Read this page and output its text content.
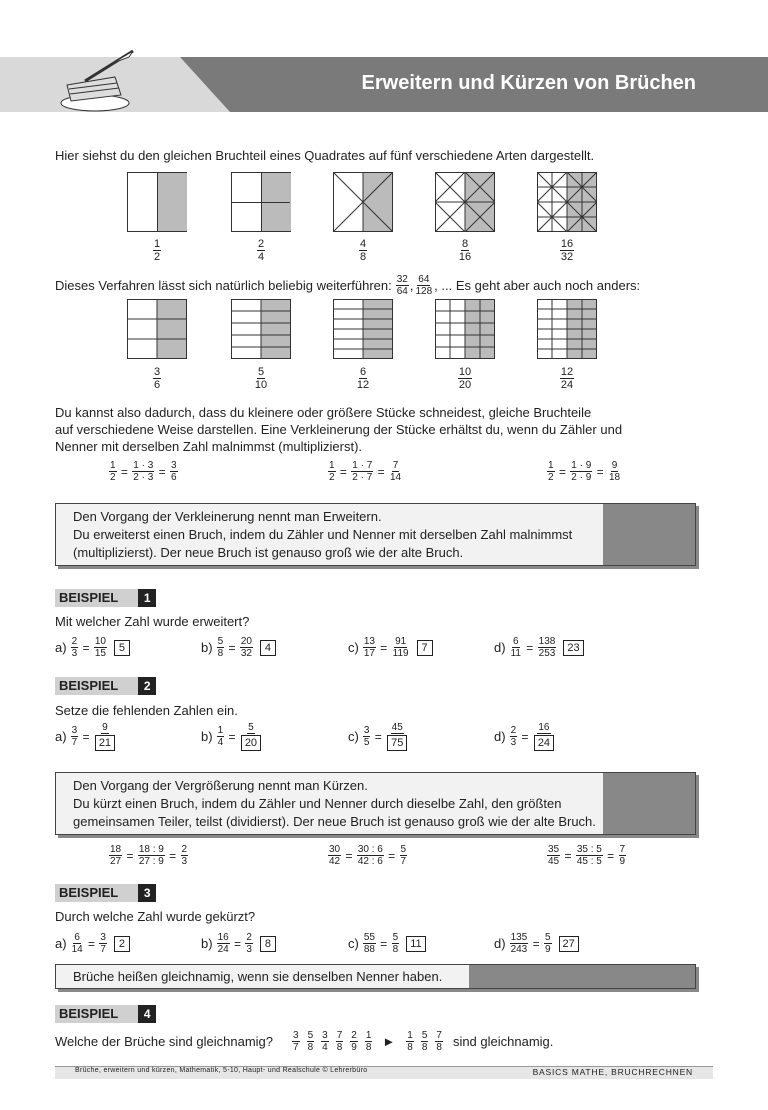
Erweitern und Kürzen von Brüchen
Hier siehst du den gleichen Bruchteil eines Quadrates auf fünf verschiedene Arten dargestellt.
$\frac{1}{2}$	$\frac{2}{4}$	$\frac{4}{8}$	$\frac{8}{16}$	$\frac{16}{32}$
Dieses Verfahren lässt sich natürlich beliebig weiterführen: $\frac{32}{64}$ , $\frac{64}{128}$ , ... Es geht aber auch noch anders:
$\frac{3}{6}$	$\frac{5}{10}$	$\frac{6}{12}$	$\frac{10}{20}$	$\frac{12}{24}$
Du kannst also dadurch, dass du kleinere oder größere Stücke schneidest, gleiche Bruchteile
auf verschiedene Weise darstellen. Eine Verkleinerung der Stücke erhältst du, wenn du Zähler und
Nenner mit derselben Zahl malnimmst (multiplizierst).
$\frac{1}{2} = \frac{1 \cdot 3}{2 \cdot 3} = \frac{3}{6}$	$\frac{1}{2} = \frac{1 \cdot 7}{2 \cdot 7} = \frac{7}{14}$	$\frac{1}{2} = \frac{1 \cdot 9}{2 \cdot 9} = \frac{9}{18}$
Den Vorgang der Verkleinerung nennt man Erweitern.
Du erweiterst einen Bruch, indem du Zähler und Nenner mit derselben Zahl malnimmst
(multiplizierst). Der neue Bruch ist genauso groß wie der alte Bruch.
BEISPIEL	1
Mit welcher Zahl wurde erweitert?
$a) \frac{2}{3} = \frac{10}{15}$	5	$b) \frac{5}{8} = \frac{20}{32}$	4	$c) \frac{13}{17} = \frac{91}{119}$	7	$d) \frac{6}{11} = \frac{138}{253}$	23
BEISPIEL	2
Setze die fehlenden Zahlen ein.
$a) \frac{3}{7} = \frac{9}{21}$	$b) \frac{1}{4} = \frac{5}{20}$	$c) \frac{3}{5} = \frac{45}{75}$	$d) \frac{2}{3} = \frac{16}{24}$
Den Vorgang der Vergrößerung nennt man Kürzen.
Du kürzt einen Bruch, indem du Zähler und Nenner durch dieselbe Zahl, den größten
gemeinsamen Teiler, teilst (dividierst). Der neue Bruch ist genauso groß wie der alte Bruch.
$\frac{18}{27} = \frac{18 : 9}{27 : 9} = \frac{2}{3}$	$\frac{30}{42} = \frac{30 : 6}{42 : 6} = \frac{5}{7}$	$\frac{35}{45} = \frac{35 : 5}{45 : 5} = \frac{7}{9}$
BEISPIEL	3
Durch welche Zahl wurde gekürzt?
$a) \frac{6}{14} = \frac{3}{7}$	2	$b) \frac{16}{24} = \frac{2}{3}$	8	$c) \frac{55}{88} = \frac{5}{8}$	11	$d) \frac{135}{243} = \frac{5}{9}$	27
Brüche heißen gleichnamig, wenn sie denselben Nenner haben.
BEISPIEL	4
Welche der Brüche sind gleichnamig? $\frac{3}{7} \frac{5}{8} \frac{3}{4} \frac{7}{8} \frac{2}{9} \frac{1}{8}$ ► $\frac{1}{8} \frac{5}{8} \frac{7}{8}$ sind gleichnamig.
Brüche, erweitern und kürzen, Mathematik, 5-10, Haupt- und Realschule © Lehrerbüro	BASICS MATHE, BRUCHRECHNEN
